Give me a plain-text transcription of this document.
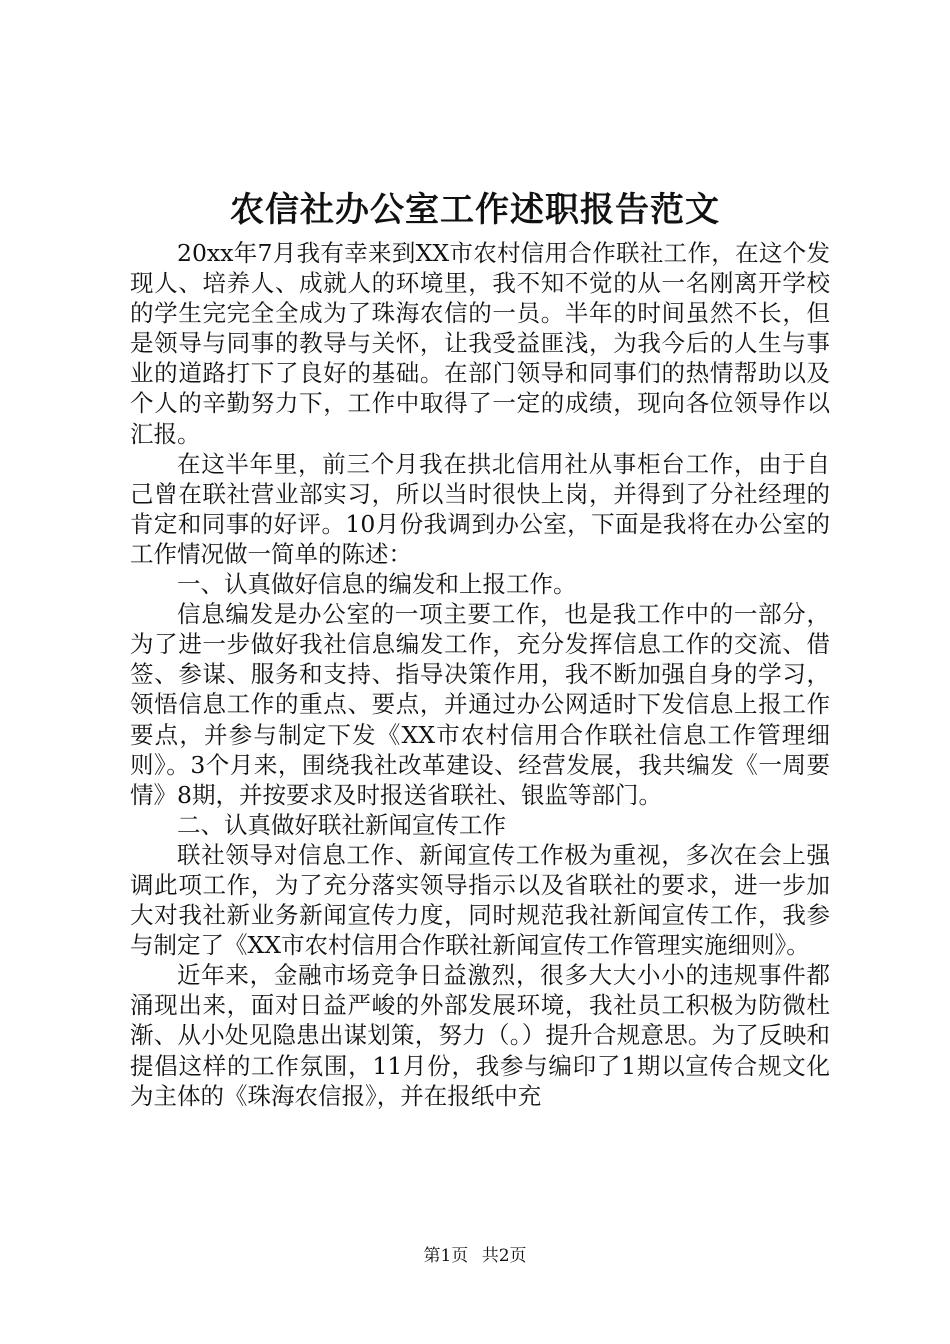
农信社办公室工作述职报告范文

20xx年7月我有幸来到XX市农村信用合作联社工作，在这个发现人、培养人、成就人的环境里，我不知不觉的从一名刚离开学校的学生完完全全成为了珠海农信的一员。半年的时间虽然不长，但是领导与同事的教导与关怀，让我受益匪浅，为我今后的人生与事业的道路打下了良好的基础。在部门领导和同事们的热情帮助以及个人的辛勤努力下，工作中取得了一定的成绩，现向各位领导作以汇报。

在这半年里，前三个月我在拱北信用社从事柜台工作，由于自己曾在联社营业部实习，所以当时很快上岗，并得到了分社经理的肯定和同事的好评。10月份我调到办公室，下面是我将在办公室的工作情况做一简单的陈述：

一、认真做好信息的编发和上报工作。

信息编发是办公室的一项主要工作，也是我工作中的一部分，为了进一步做好我社信息编发工作，充分发挥信息工作的交流、借签、参谋、服务和支持、指导决策作用，我不断加强自身的学习，领悟信息工作的重点、要点，并通过办公网适时下发信息上报工作要点，并参与制定下发《XX市农村信用合作联社信息工作管理细则》。3个月来，围绕我社改革建设、经营发展，我共编发《一周要情》8期，并按要求及时报送省联社、银监等部门。

二、认真做好联社新闻宣传工作

联社领导对信息工作、新闻宣传工作极为重视，多次在会上强调此项工作，为了充分落实领导指示以及省联社的要求，进一步加大对我社新业务新闻宣传力度，同时规范我社新闻宣传工作，我参与制定了《XX市农村信用合作联社新闻宣传工作管理实施细则》。

近年来，金融市场竞争日益激烈，很多大大小小的违规事件都涌现出来，面对日益严峻的外部发展环境，我社员工积极为防微杜渐、从小处见隐患出谋划策，努力（。）提升合规意思。为了反映和提倡这样的工作氛围，11月份，我参与编印了1期以宣传合规文化为主体的《珠海农信报》，并在报纸中充

第1页 共2页
